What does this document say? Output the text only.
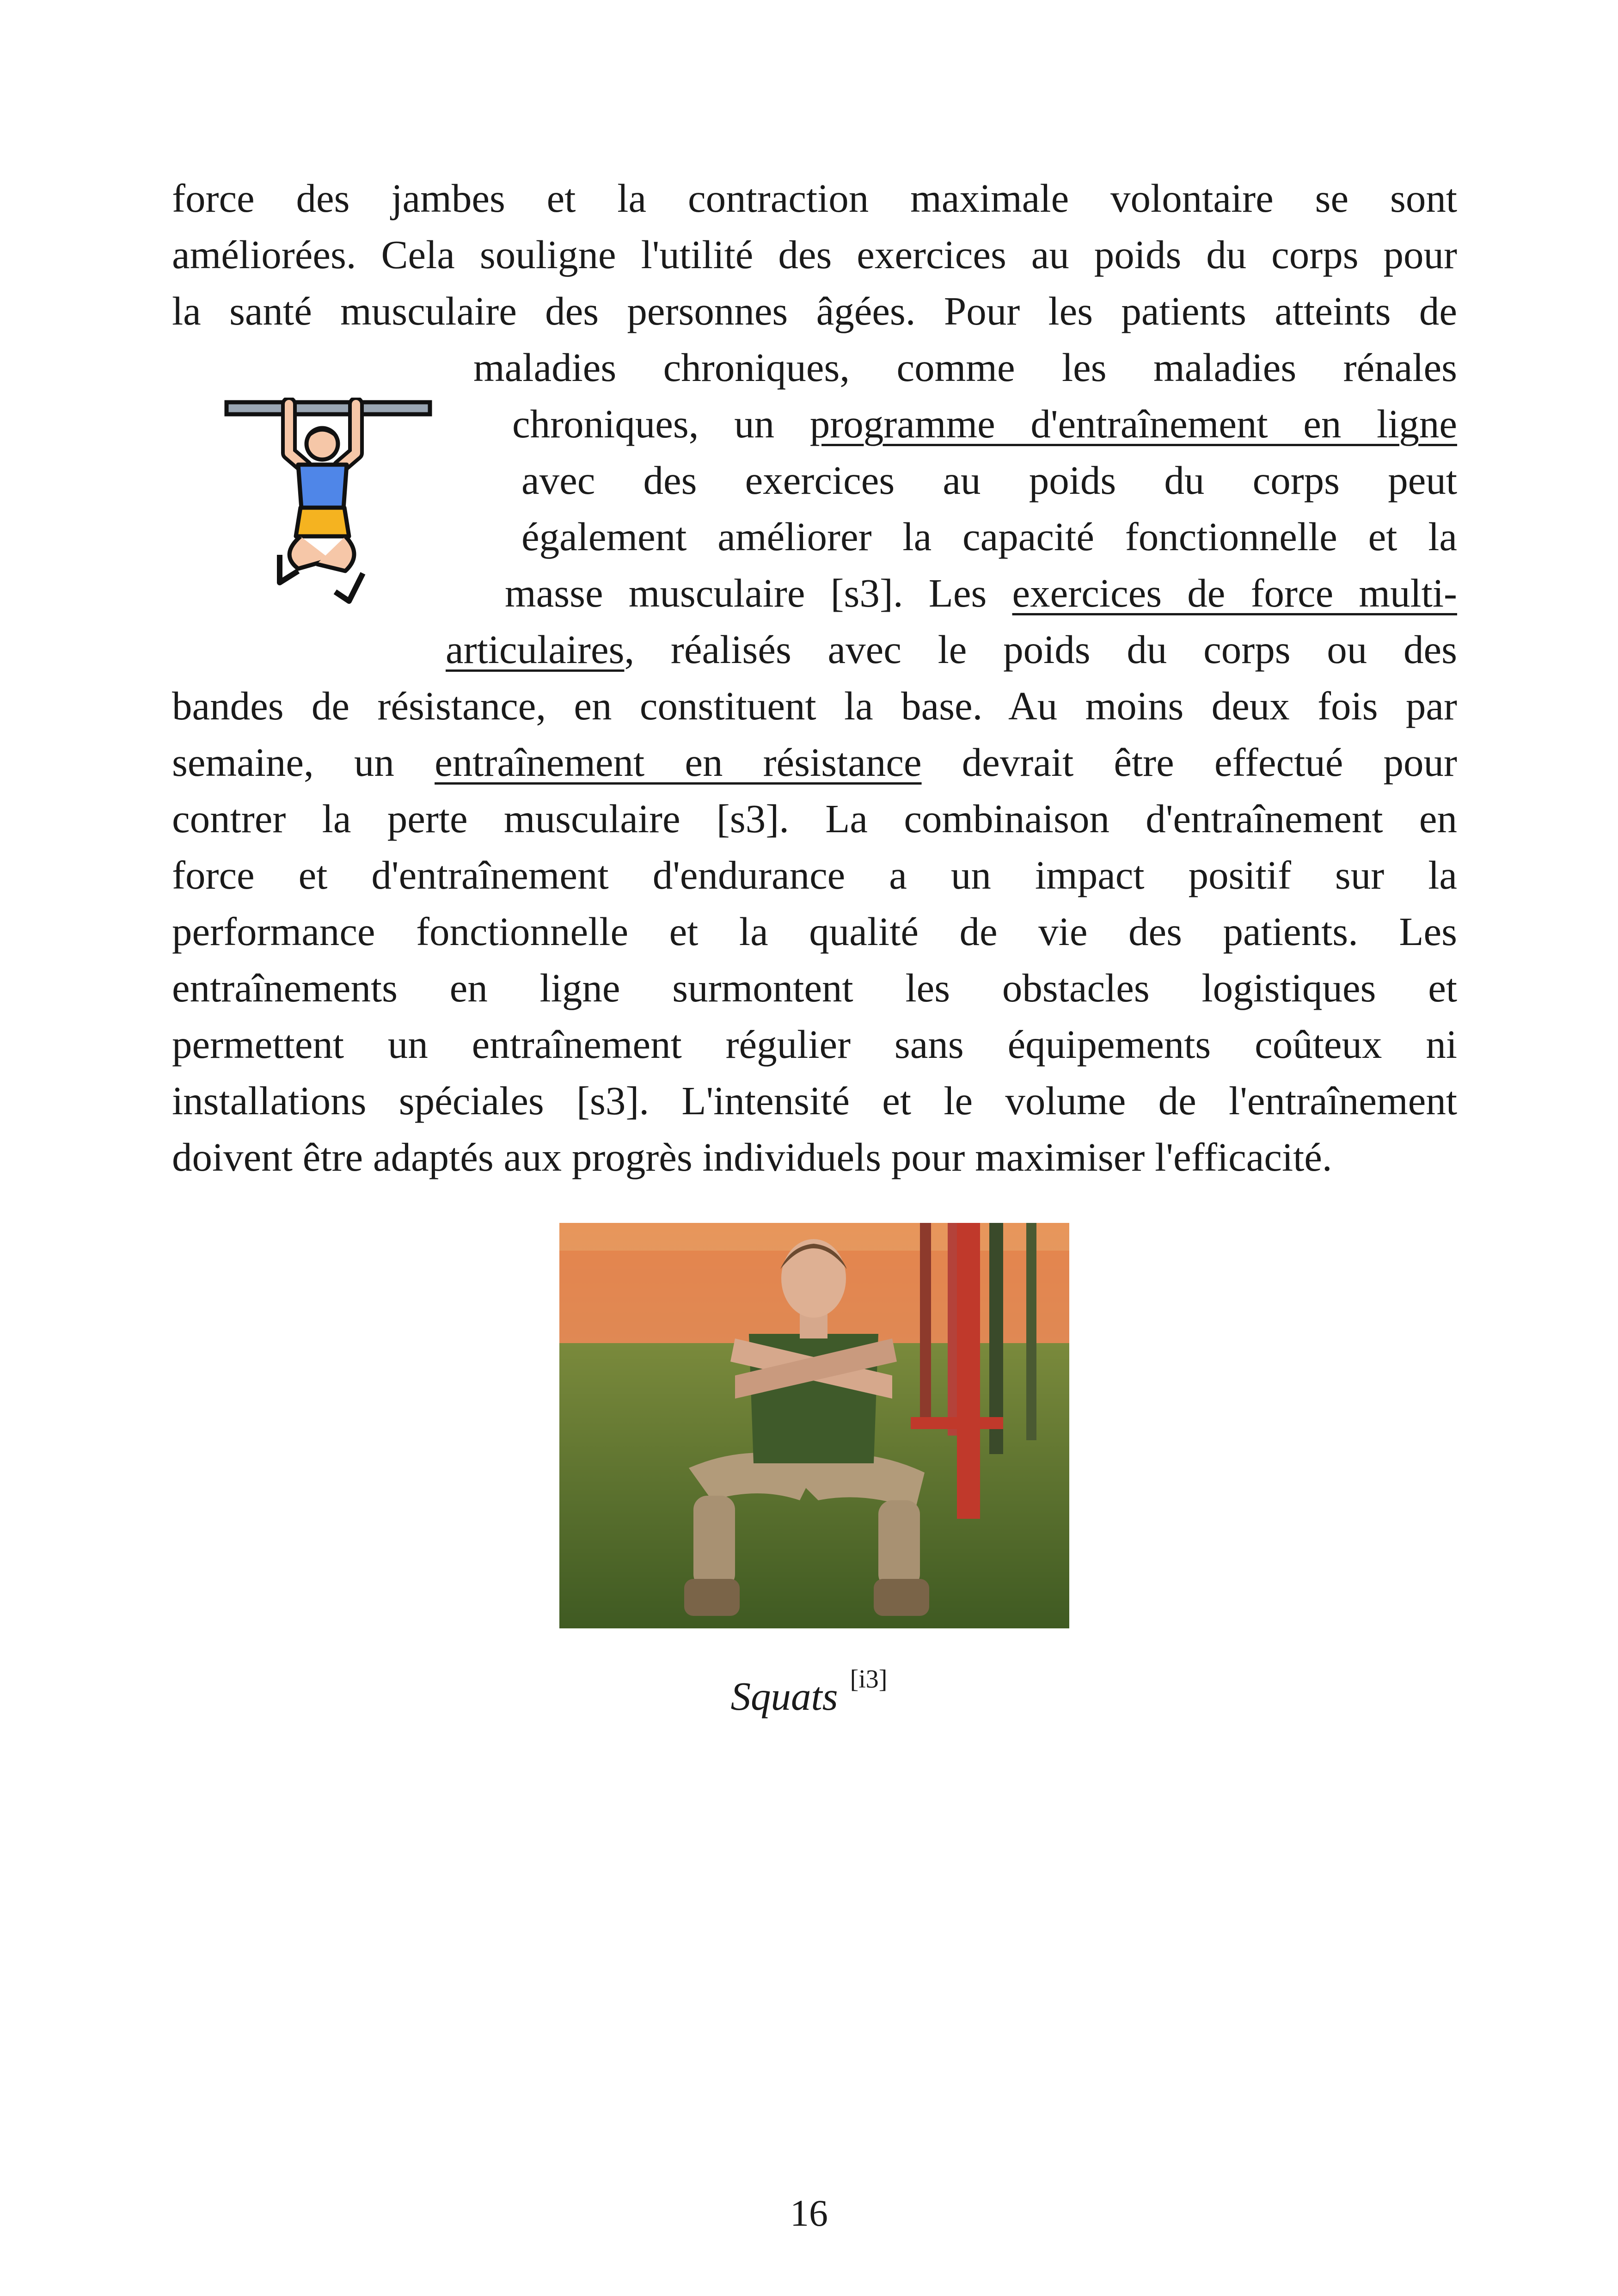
force des jambes et la contraction maximale volontaire se sont
améliorées. Cela souligne l'utilité des exercices au poids du corps pour
la santé musculaire des personnes âgées. Pour les patients atteints de
maladies chroniques, comme les maladies rénales
chroniques, un programme d'entraînement en ligne
avec des exercices au poids du corps peut
également améliorer la capacité fonctionnelle et la
masse musculaire [s3]. Les exercices de force multi-
articulaires, réalisés avec le poids du corps ou des
bandes de résistance, en constituent la base. Au moins deux fois par
semaine, un entraînement en résistance devrait être effectué pour
contrer la perte musculaire [s3]. La combinaison d'entraînement en
force et d'entraînement d'endurance a un impact positif sur la
performance fonctionnelle et la qualité de vie des patients. Les
entraînements en ligne surmontent les obstacles logistiques et
permettent un entraînement régulier sans équipements coûteux ni
installations spéciales [s3]. L'intensité et le volume de l'entraînement
doivent être adaptés aux progrès individuels pour maximiser l'efficacité.
Squats [i3]
16
